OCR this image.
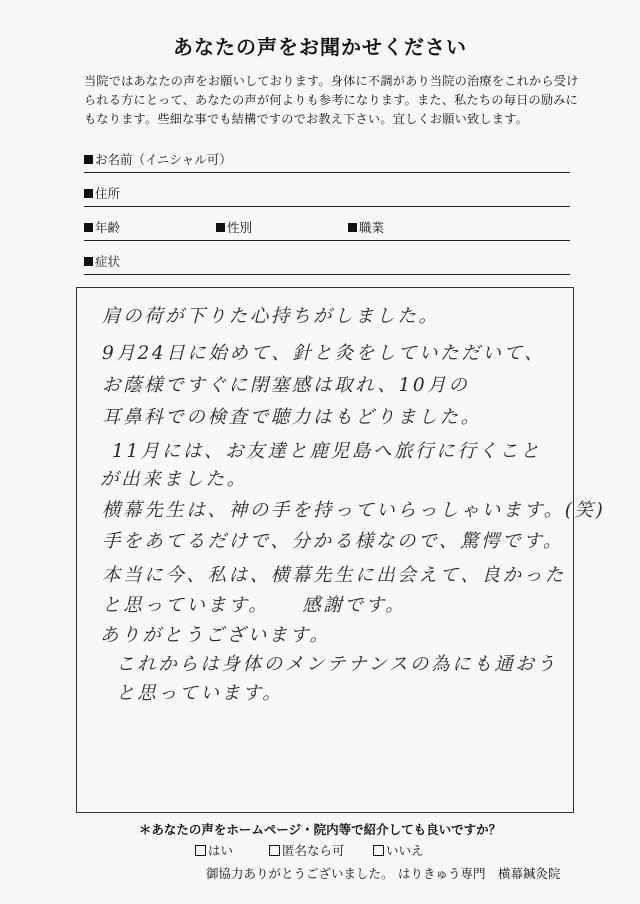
あなたの声をお聞かせください
当院ではあなたの声をお願いしております。身体に不調があり当院の治療をこれから受けられる方にとって、あなたの声が何よりも参考になります。また、私たちの毎日の励みにもなります。些細な事でも結構ですのでお教え下さい。宜しくお願い致します。
お名前（イニシャル可）
住所
年齢	性別	職業
症状
肩の荷が下りた心持ちがしました。
9月24日に始めて、針と灸をしていただいて、
お蔭様ですぐに閉塞感は取れ、10月の
耳鼻科での検査で聴力はもどりました。
11月には、お友達と鹿児島へ旅行に行くこと
が出来ました。
横幕先生は、神の手を持っていらっしゃいます。(笑)
手をあてるだけで、分かる様なので、驚愕です。
本当に今、私は、横幕先生に出会えて、良かった
と思っています。　　感謝です。
ありがとうございます。
これからは身体のメンテナンスの為にも通おう
と思っています。
＊あなたの声をホームページ・院内等で紹介しても良いですか？
はい	匿名なら可	いいえ
御協力ありがとうございました。 はりきゅう専門　横幕鍼灸院
